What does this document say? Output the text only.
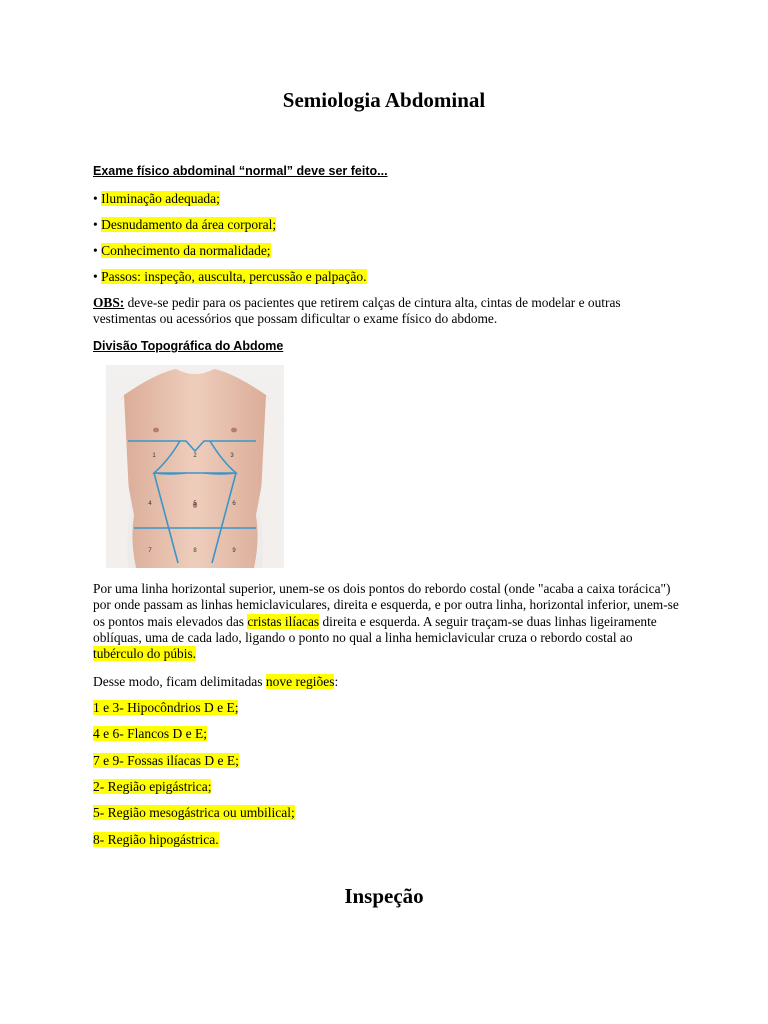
Semiologia Abdominal
Exame físico abdominal “normal” deve ser feito...
• Iluminação adequada;
• Desnudamento da área corporal;
• Conhecimento da normalidade;
• Passos: inspeção, ausculta, percussão e palpação.
OBS: deve-se pedir para os pacientes que retirem calças de cintura alta, cintas de modelar e outras vestimentas ou acessórios que possam dificultar o exame físico do abdome.
Divisão Topográfica do Abdome
1	2	3
4	5	6
7	8	9
Por uma linha horizontal superior, unem-se os dois pontos do rebordo costal (onde "acaba a caixa torácica") por onde passam as linhas hemiclaviculares, direita e esquerda, e por outra linha, horizontal inferior, unem-se os pontos mais elevados das cristas ilíacas direita e esquerda. A seguir traçam-se duas linhas ligeiramente oblíquas, uma de cada lado, ligando o ponto no qual a linha hemiclavicular cruza o rebordo costal ao tubérculo do púbis.
Desse modo, ficam delimitadas nove regiões:
1 e 3- Hipocôndrios D e E;
4 e 6- Flancos D e E;
7 e 9- Fossas ilíacas D e E;
2- Região epigástrica;
5- Região mesogástrica ou umbilical;
8- Região hipogástrica.
Inspeção
